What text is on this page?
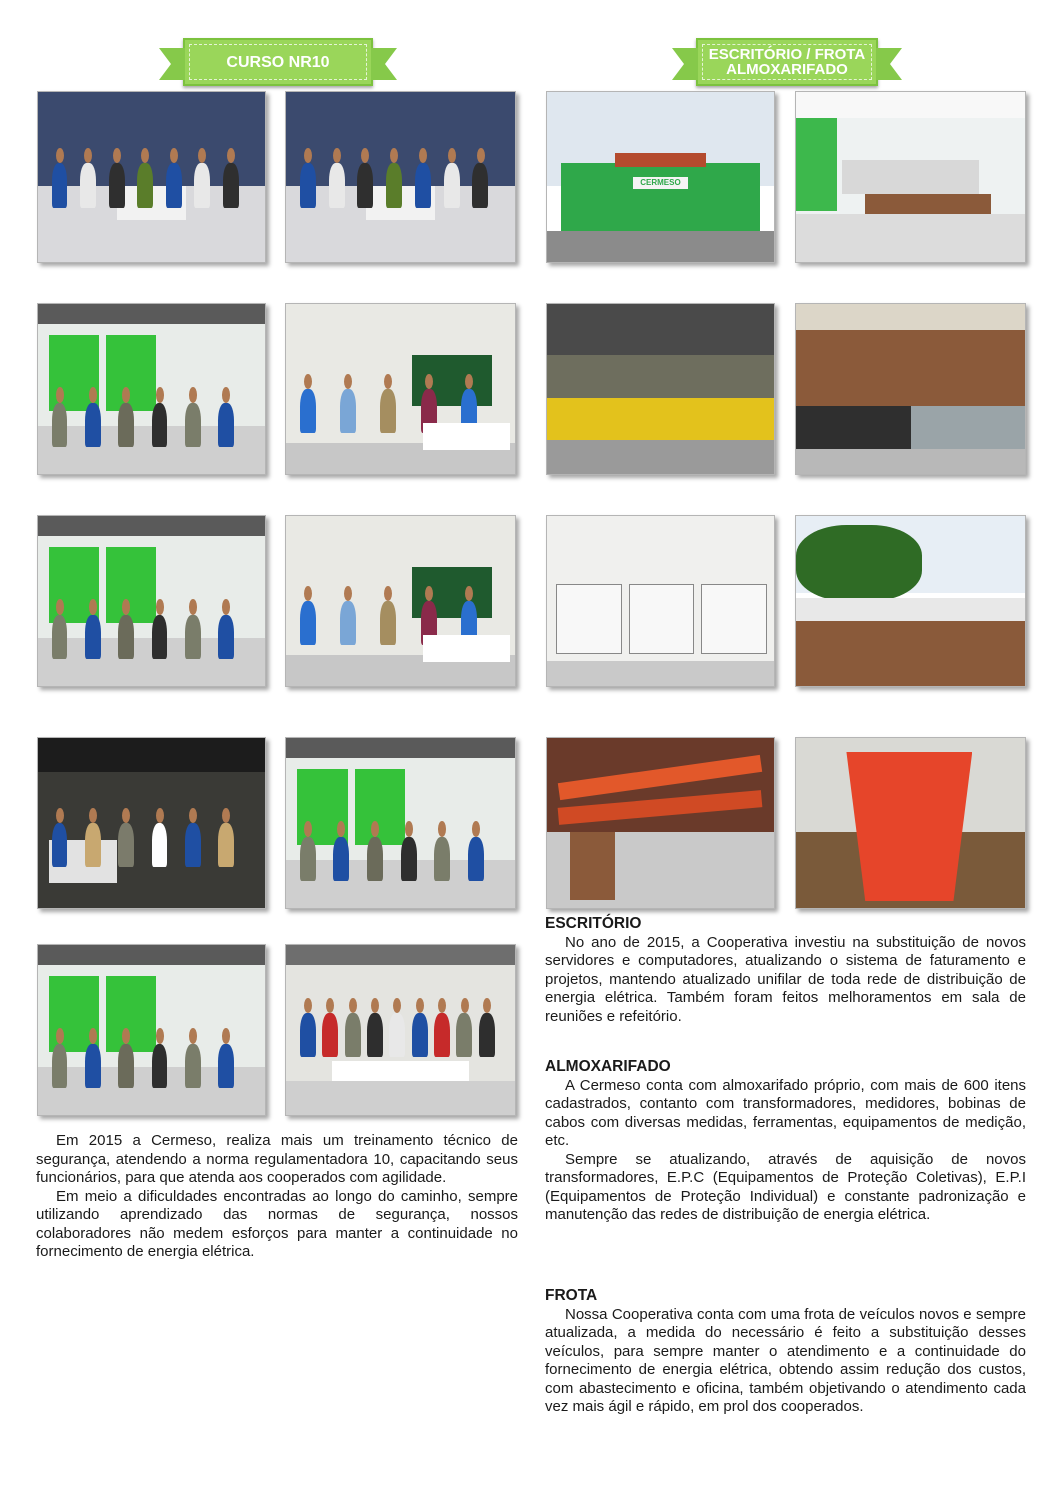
CURSO NR10	ESCRITÓRIO / FROTA
ALMOXARIFADO
CERMESO

Em 2015 a Cermeso, realiza mais um treinamento técnico de segurança, atendendo a norma regulamentadora 10, capacitando seus funcionários, para que atenda aos cooperados com agilidade.

Em meio a dificuldades encontradas ao longo do caminho, sempre utilizando aprendizado das normas de segurança, nossos colaboradores não medem esforços para manter a continuidade no fornecimento de energia elétrica.

ESCRITÓRIO

No ano de 2015, a Cooperativa investiu na substituição de novos servidores e computadores, atualizando o sistema de faturamento e projetos, mantendo atualizado unifilar de toda rede de distribuição de energia elétrica. Também foram feitos melhoramentos em sala de reuniões e refeitório.

ALMOXARIFADO

A Cermeso conta com almoxarifado próprio, com mais de 600 itens cadastrados, contanto com transformadores, medidores, bobinas de cabos com diversas medidas, ferramentas, equipamentos de medição, etc.

Sempre se atualizando, através de aquisição de novos transformadores, E.P.C (Equipamentos de Proteção Coletivas), E.P.I (Equipamentos de Proteção Individual) e constante padronização e manutenção das redes de distribuição de energia elétrica.

FROTA

Nossa Cooperativa conta com uma frota de veículos novos e sempre atualizada, a medida do necessário é feito a substituição desses veículos, para sempre manter o atendimento e a continuidade do fornecimento de energia elétrica, obtendo assim redução dos custos, com abastecimento e oficina, também objetivando o atendimento cada vez mais ágil e rápido, em prol dos cooperados.
